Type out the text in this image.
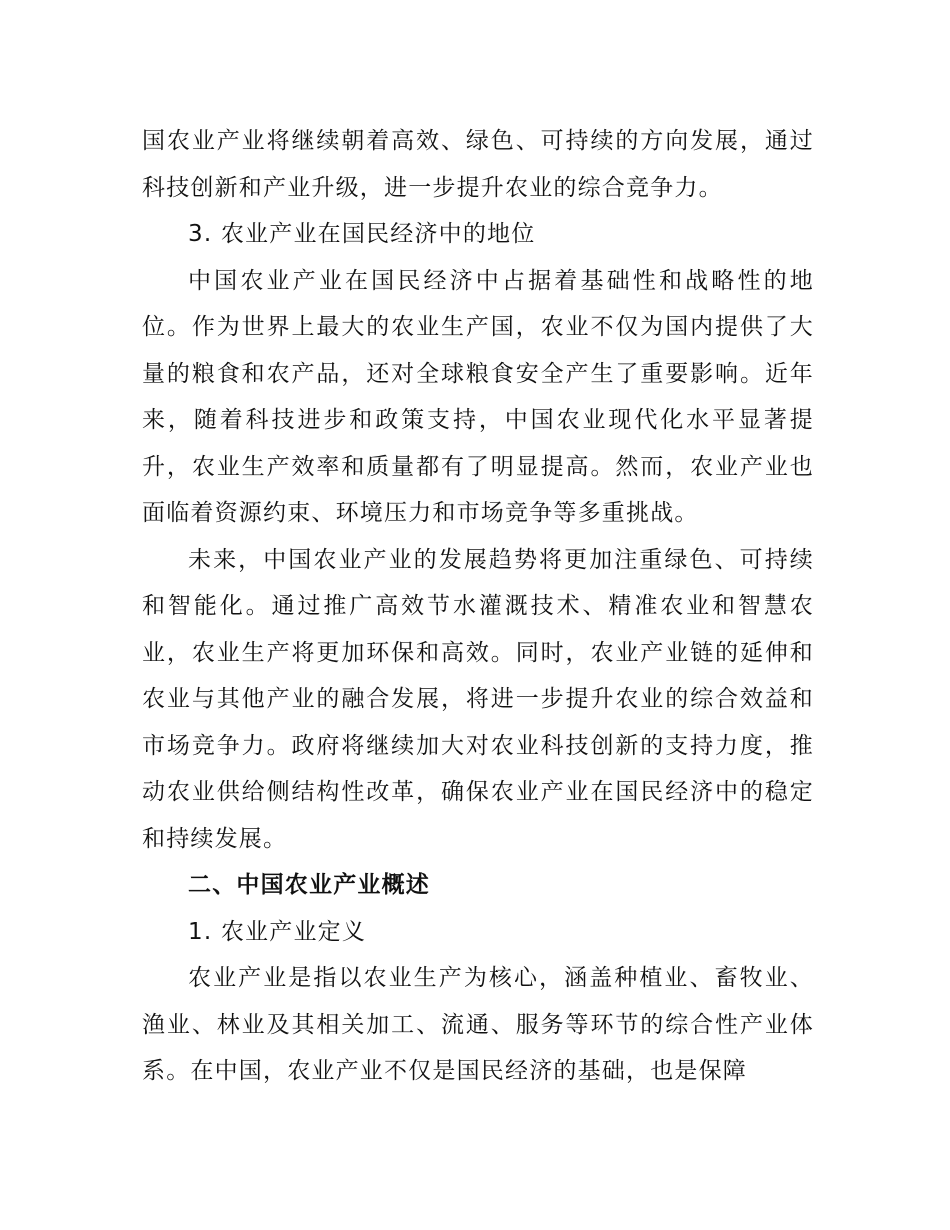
国农业产业将继续朝着高效、绿色、可持续的方向发展，通过科技创新和产业升级，进一步提升农业的综合竞争力。

3. 农业产业在国民经济中的地位

中国农业产业在国民经济中占据着基础性和战略性的地位。作为世界上最大的农业生产国，农业不仅为国内提供了大量的粮食和农产品，还对全球粮食安全产生了重要影响。近年来，随着科技进步和政策支持，中国农业现代化水平显著提升，农业生产效率和质量都有了明显提高。然而，农业产业也面临着资源约束、环境压力和市场竞争等多重挑战。

未来，中国农业产业的发展趋势将更加注重绿色、可持续和智能化。通过推广高效节水灌溉技术、精准农业和智慧农业，农业生产将更加环保和高效。同时，农业产业链的延伸和农业与其他产业的融合发展，将进一步提升农业的综合效益和市场竞争力。政府将继续加大对农业科技创新的支持力度，推动农业供给侧结构性改革，确保农业产业在国民经济中的稳定和持续发展。

二、中国农业产业概述

1. 农业产业定义

农业产业是指以农业生产为核心，涵盖种植业、畜牧业、渔业、林业及其相关加工、流通、服务等环节的综合性产业体系。在中国，农业产业不仅是国民经济的基础，也是保障
